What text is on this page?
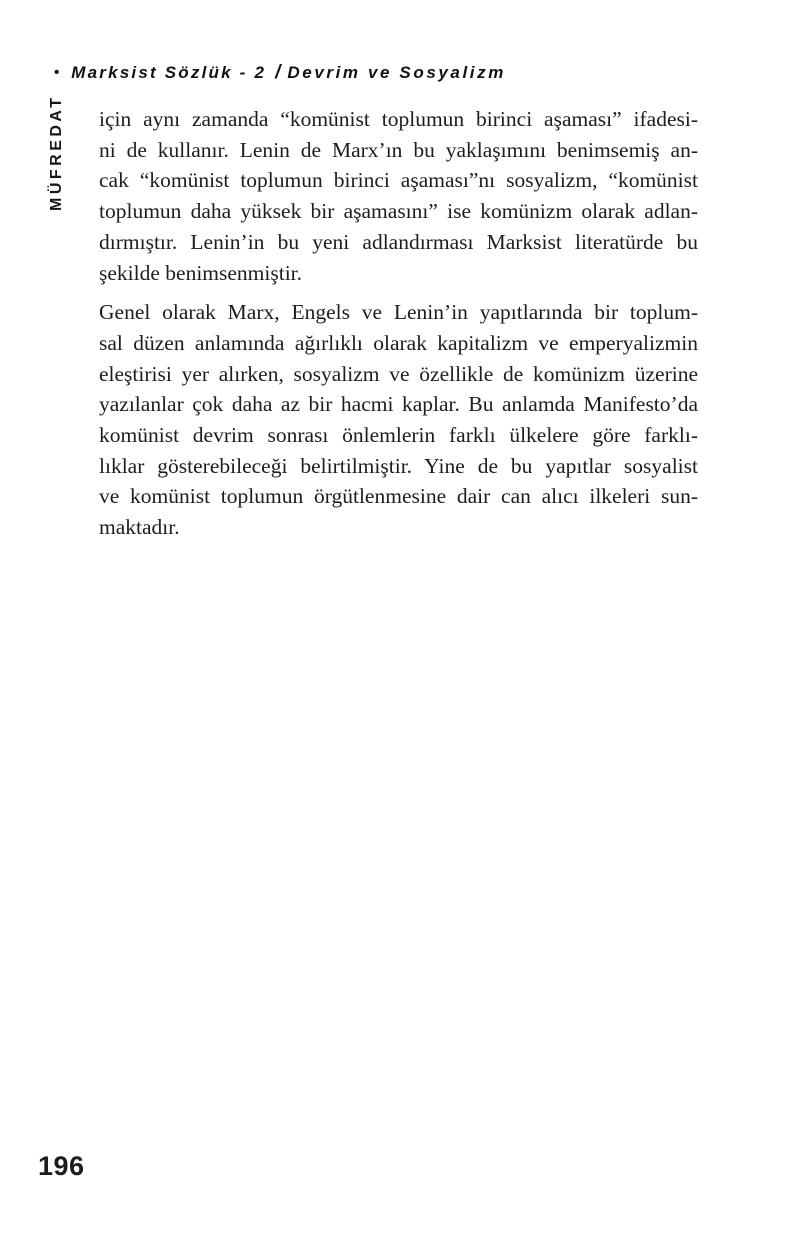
• Marksist Sözlük - 2 / Devrim ve Sosyalizm
MÜFREDAT için aynı zamanda “komünist toplumun birinci aşaması” ifadesi-
ni de kullanır. Lenin de Marx’ın bu yaklaşımını benimsemiş an-
cak “komünist toplumun birinci aşaması”nı sosyalizm, “komünist
toplumun daha yüksek bir aşamasını” ise komünizm olarak adlan-
dırmıştır. Lenin’in bu yeni adlandırması Marksist literatürde bu
şekilde benimsenmiştir.
Genel olarak Marx, Engels ve Lenin’in yapıtlarında bir toplum-
sal düzen anlamında ağırlıklı olarak kapitalizm ve emperyalizmin
eleştirisi yer alırken, sosyalizm ve özellikle de komünizm üzerine
yazılanlar çok daha az bir hacmi kaplar. Bu anlamda Manifesto’da
komünist devrim sonrası önlemlerin farklı ülkelere göre farklı-
lıklar gösterebileceği belirtilmiştir. Yine de bu yapıtlar sosyalist
ve komünist toplumun örgütlenmesine dair can alıcı ilkeleri sun-
maktadır.
196
